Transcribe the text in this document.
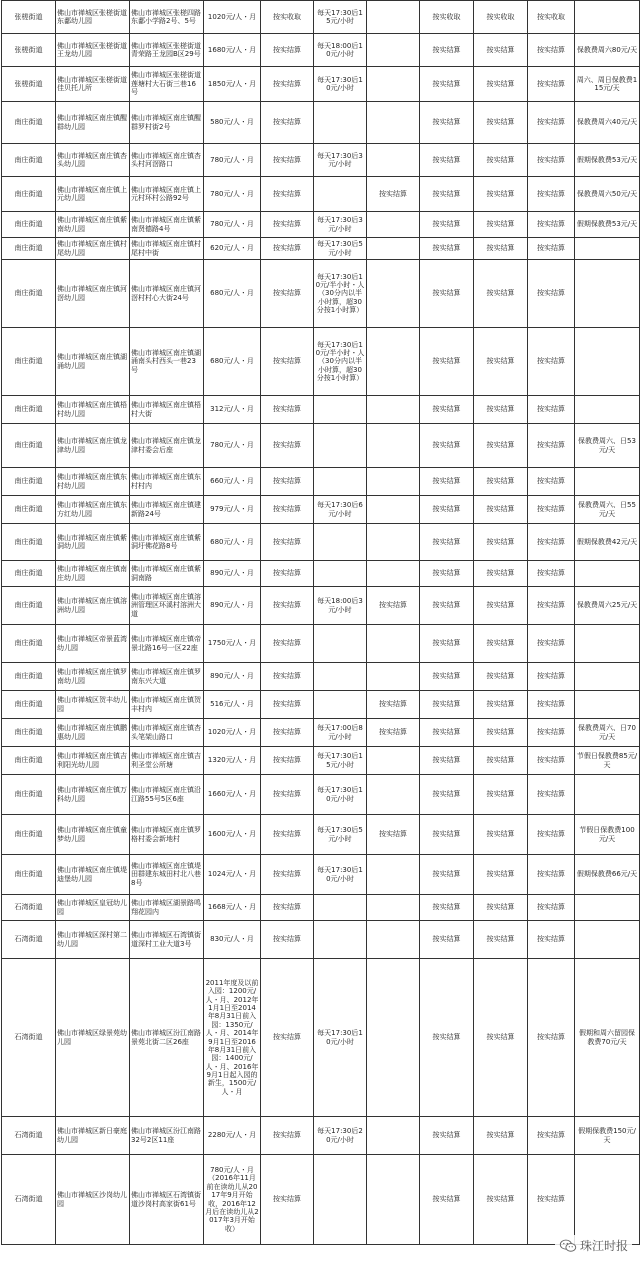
张槎街道	佛山市禅城区张槎街道东鄱幼儿园	佛山市禅城区张槎四路东鄱小学路2号、5号	1020元/人・月	按实收取	每天17:30后15元/小时		按实收取	按实收取	按实收取	
张槎街道	佛山市禅城区张槎街道王龙幼儿园	佛山市禅城区张槎街道青荣路王龙园B区29号	1680元/人・月	按实结算	每天18:00后10元/小时		按实结算	按实结算	按实结算	保教费周六80元/天
张槎街道	佛山市禅城区张槎街道佳贝托儿所	佛山市禅城区张槎街道莲塘村大石街三巷16号	1850元/人・月	按实结算	每天17:30后10元/小时		按实结算	按实结算	按实结算	周六、周日保教费115元/天
南庄街道	佛山市禅城区南庄镇醒群幼儿园	佛山市禅城区南庄镇醒群罗村街2号	580元/人・月	按实结算			按实结算	按实结算	按实结算	保教费周六40元/天
南庄街道	佛山市禅城区南庄镇杏头幼儿园	佛山市禅城区南庄镇杏头村河滘路口	780元/人・月	按实结算	每天17:30后3元/小时		按实结算	按实结算	按实结算	假期保教费53元/天
南庄街道	佛山市禅城区南庄镇上元幼儿园	佛山市禅城区南庄镇上元村环村公路92号	780元/人・月	按实结算		按实结算	按实结算	按实结算	按实结算	保教费周六50元/天
南庄街道	佛山市禅城区南庄镇紫南幼儿园	佛山市禅城区南庄镇紫南贤德路4号	780元/人・月	按实结算	每天17:30后3元/小时		按实结算	按实结算	按实结算	假期保教费53元/天
南庄街道	佛山市禅城区南庄镇村尾幼儿园	佛山市禅城区南庄镇村尾村中街	620元/人・月	按实结算	每天17:30后5元/小时		按实结算	按实结算	按实结算	
南庄街道	佛山市禅城区南庄镇河滘幼儿园	佛山市禅城区南庄镇河滘村村心大街24号	680元/人・月	按实结算	每天17:30后10元/半小时・人（30分内以半小时算，超30分按1小时算）		按实结算	按实结算	按实结算	
南庄街道	佛山市禅城区南庄镇湖涌幼儿园	佛山市禅城区南庄镇湖涌南头村西头一巷23号	680元/人・月	按实结算	每天17:30后10元/半小时・人（30分内以半小时算，超30分按1小时算）		按实结算	按实结算	按实结算	
南庄街道	佛山市禅城区南庄镇梧村幼儿园	佛山市禅城区南庄镇梧村大街	312元/人・月	按实结算			按实结算	按实结算	按实结算	
南庄街道	佛山市禅城区南庄镇龙津幼儿园	佛山市禅城区南庄镇龙津村委会后座	780元/人・月	按实结算			按实结算	按实结算	按实结算	保教费周六、日53元/天
南庄街道	佛山市禅城区南庄镇东村幼儿园	佛山市禅城区南庄镇东村村内	660元/人・月	按实结算			按实结算	按实结算	按实结算	
南庄街道	佛山市禅城区南庄镇东方红幼儿园	佛山市禅城区南庄镇建新路24号	979元/人・月	按实结算	每天17:30后6元/小时		按实结算	按实结算	按实结算	保教费周六、日55元/天
南庄街道	佛山市禅城区南庄镇紫洞幼儿园	佛山市禅城区南庄镇紫洞圩佛花路8号	680元/人・月	按实结算			按实结算	按实结算	按实结算	假期保教费42元/天
南庄街道	佛山市禅城区南庄镇南庄幼儿园	佛山市禅城区南庄镇紫洞南路	890元/人・月	按实结算			按实结算	按实结算	按实结算	
南庄街道	佛山市禅城区南庄镇溶洲幼儿园	佛山市禅城区南庄镇溶洲管理区环溪村溶洲大道	890元/人・月	按实结算	每天18:00后3元/小时	按实结算	按实结算	按实结算	按实结算	保教费周六25元/天
南庄街道	佛山市禅城区帝景蓝湾幼儿园	佛山市禅城区南庄镇帝景北路16号一区22座	1750元/人・月	按实结算			按实结算	按实结算	按实结算	
南庄街道	佛山市禅城区南庄镇罗南幼儿园	佛山市禅城区南庄镇罗南东兴大道	890元/人・月	按实结算			按实结算	按实结算	按实结算	
南庄街道	佛山市禅城区贺丰幼儿园	佛山市禅城区南庄镇贺丰村内	516元/人・月	按实结算		按实结算	按实结算	按实结算	按实结算	
南庄街道	佛山市禅城区南庄镇鹏惠幼儿园	佛山市禅城区南庄镇杏头笔架山路口	1020元/人・月	按实结算	每天17:00后8元/小时	按实结算	按实结算	按实结算	按实结算	保教费周六、日70元/天
南庄街道	佛山市禅城区南庄镇吉利阳光幼儿园	佛山市禅城区南庄镇吉利圣堂公所塘	1320元/人・月	按实结算	每天17:30后15元/小时		按实结算	按实结算	按实结算	节假日保教费85元/天
南庄街道	佛山市禅城区南庄镇万科幼儿园	佛山市禅城区南庄镇沿江路55号5区6座	1660元/人・月	按实结算	每天17:30后10元/小时		按实结算	按实结算	按实结算	
南庄街道	佛山市禅城区南庄镇童梦幼儿园	佛山市禅城区南庄镇罗格村委会新地村	1600元/人・月	按实结算	每天17:30后5元/小时	按实结算	按实结算	按实结算	按实结算	节假日保教费100元/天
南庄街道	佛山市禅城区南庄镇堤迪堡幼儿园	佛山市禅城区南庄镇堤田群建东城田村北八巷8号	1024元/人・月	按实结算	每天17:30后10元/小时		按实结算	按实结算	按实结算	假期保教费66元/天
石湾街道	佛山市禅城区皇冠幼儿园	佛山市禅城区湖景路鸣翔花园内	1668元/人・月	按实结算			按实结算	按实结算	按实结算	
石湾街道	佛山市禅城区深村第二幼儿园	佛山市禅城区石湾镇街道深村工业大道3号	830元/人・月	按实结算			按实结算	按实结算	按实结算	
石湾街道	佛山市禅城区绿景苑幼儿园	佛山市禅城区汾江南路景苑北街二区26座	2011年度及以前入园：1200元/人・月、2012年1月1日至2014年8月31日前入园：1350元/人・月、2014年9月1日至2016年8月31日前入园：1400元/人・月、2016年9月1日起入园的新生，1500元/人・月	按实结算	每天17:30后10元/小时		按实结算	按实结算	按实结算	假期和周六留园保教费70元/天
石湾街道	佛山市禅城区新日豪庭幼儿园	佛山市禅城区汾江南路32号2区11座	2280元/人・月	按实结算	每天17:30后20元/小时		按实结算	按实结算	按实结算	假期保教费150元/天
石湾街道	佛山市禅城区沙岗幼儿园	佛山市禅城区石湾镇街道沙岗村高家街61号	780元/人・月（2016年11月前在读幼儿从2017年9月开始收，2016年12月后在读幼儿从2017年3月开始收）	按实结算			按实结算	按实结算	按实结算	
珠江时报
